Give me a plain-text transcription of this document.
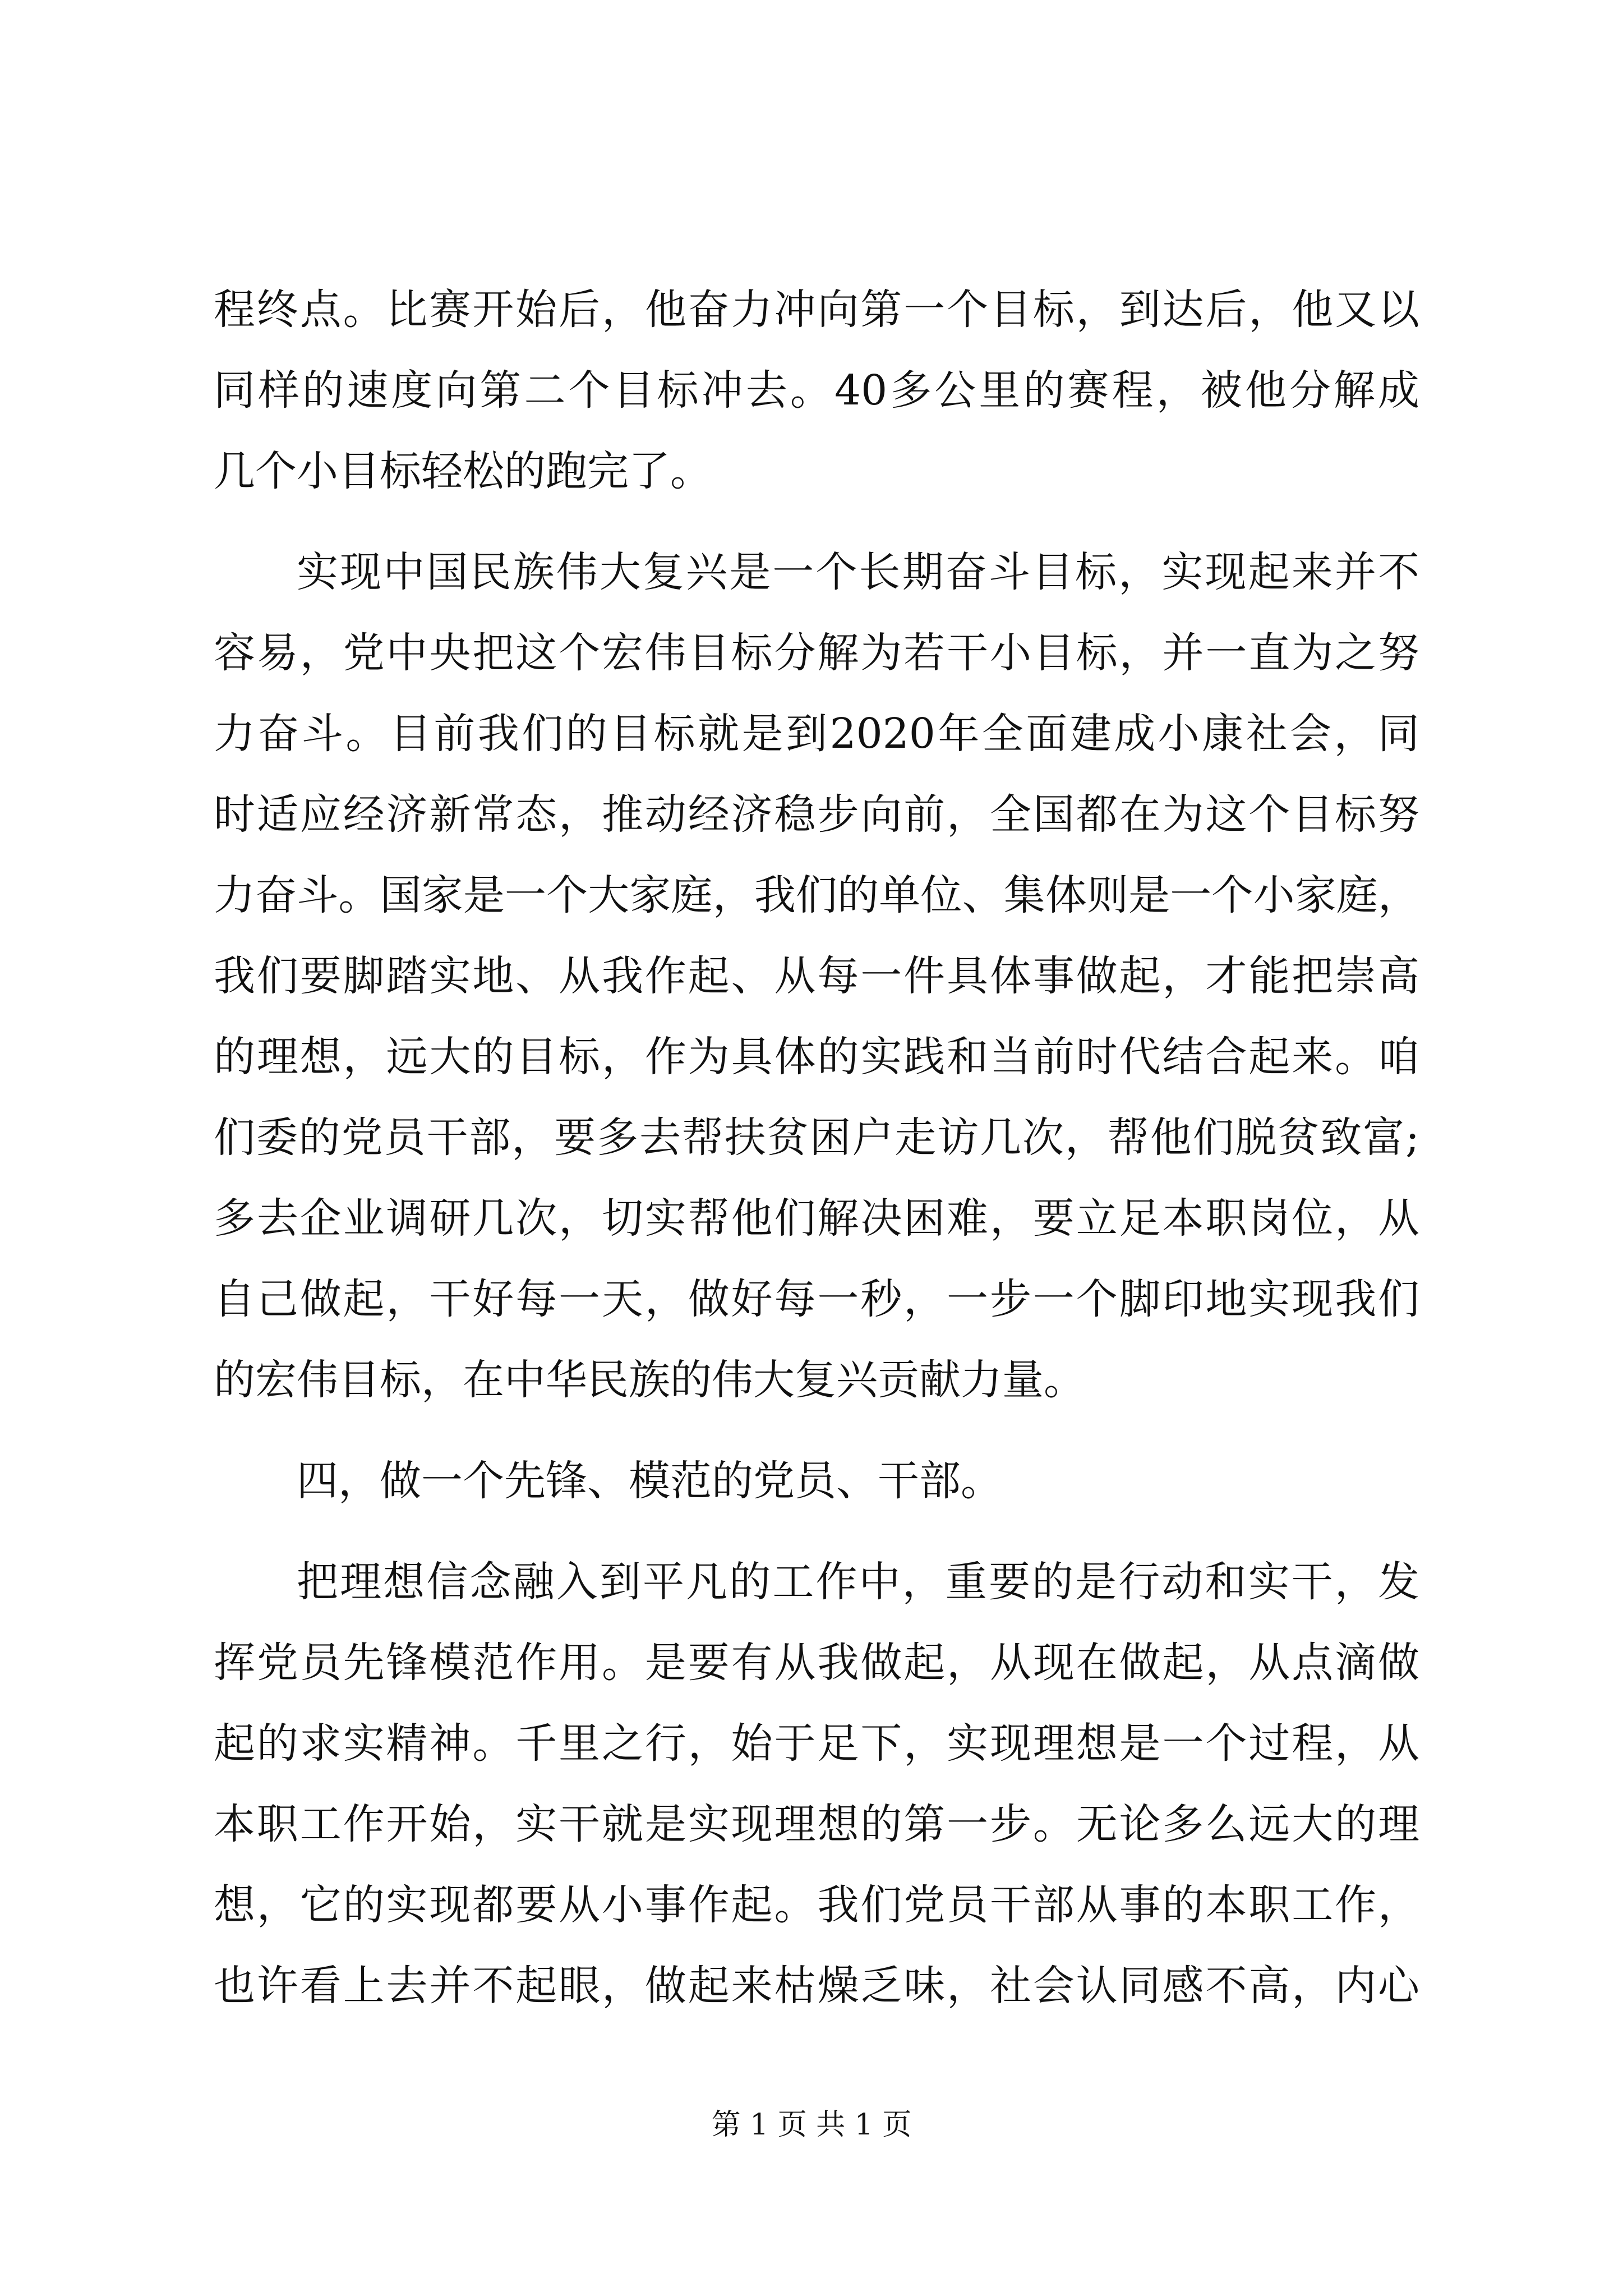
程终点。比赛开始后，他奋力冲向第一个目标，到达后，他又以
同样的速度向第二个目标冲去。40多公里的赛程，被他分解成
几个小目标轻松的跑完了。
实现中国民族伟大复兴是一个长期奋斗目标，实现起来并不
容易，党中央把这个宏伟目标分解为若干小目标，并一直为之努
力奋斗。目前我们的目标就是到2020年全面建成小康社会，同
时适应经济新常态，推动经济稳步向前，全国都在为这个目标努
力奋斗。国家是一个大家庭，我们的单位、集体则是一个小家庭，
我们要脚踏实地、从我作起、从每一件具体事做起，才能把崇高
的理想，远大的目标，作为具体的实践和当前时代结合起来。咱
们委的党员干部，要多去帮扶贫困户走访几次，帮他们脱贫致富;
多去企业调研几次，切实帮他们解决困难，要立足本职岗位，从
自己做起，干好每一天，做好每一秒，一步一个脚印地实现我们
的宏伟目标，在中华民族的伟大复兴贡献力量。
四，做一个先锋、模范的党员、干部。
把理想信念融入到平凡的工作中，重要的是行动和实干，发
挥党员先锋模范作用。是要有从我做起，从现在做起，从点滴做
起的求实精神。千里之行，始于足下，实现理想是一个过程，从
本职工作开始，实干就是实现理想的第一步。无论多么远大的理
想，它的实现都要从小事作起。我们党员干部从事的本职工作，
也许看上去并不起眼，做起来枯燥乏味，社会认同感不高，内心
第 1 页 共 1 页
